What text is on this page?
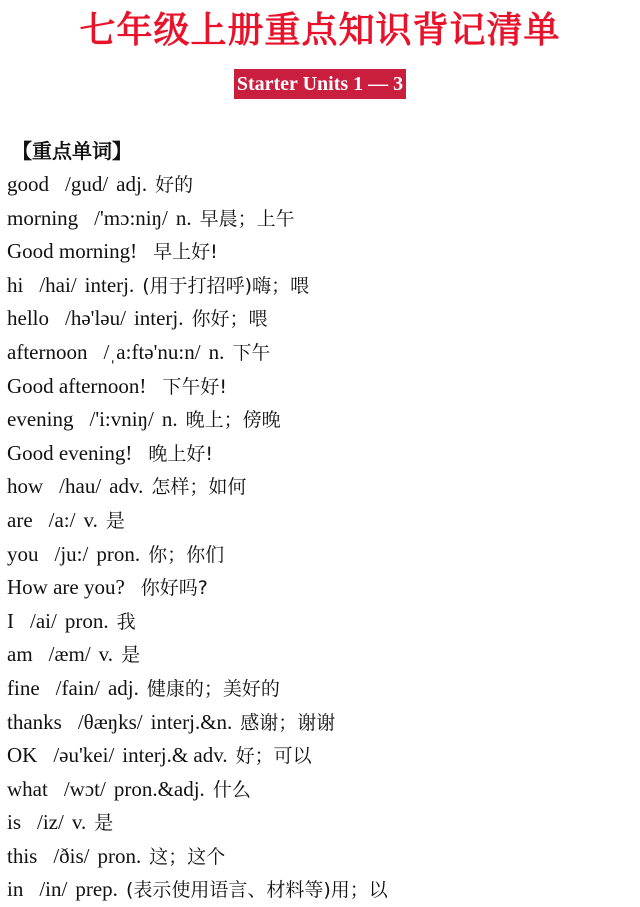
七年级上册重点知识背记清单
Starter Units 1 — 3
【重点单词】
good /gud/ adj. 好的
morning /'mɔ:niŋ/ n. 早晨；上午
Good morning! 早上好!
hi /hai/ interj. (用于打招呼)嗨；喂
hello /hə'ləu/ interj. 你好；喂
afternoon /ˌa:ftə'nu:n/ n. 下午
Good afternoon! 下午好!
evening /'i:vniŋ/ n. 晚上；傍晚
Good evening! 晚上好!
how /hau/ adv. 怎样；如何
are /a:/ v. 是
you /ju:/ pron. 你；你们
How are you? 你好吗?
I /ai/ pron. 我
am /æm/ v. 是
fine /fain/ adj. 健康的；美好的
thanks /θæŋks/ interj.&n. 感谢；谢谢
OK /əu'kei/ interj.& adv. 好；可以
what /wɔt/ pron.&adj. 什么
is /iz/ v. 是
this /ðis/ pron. 这；这个
in /in/ prep. (表示使用语言、材料等)用；以
